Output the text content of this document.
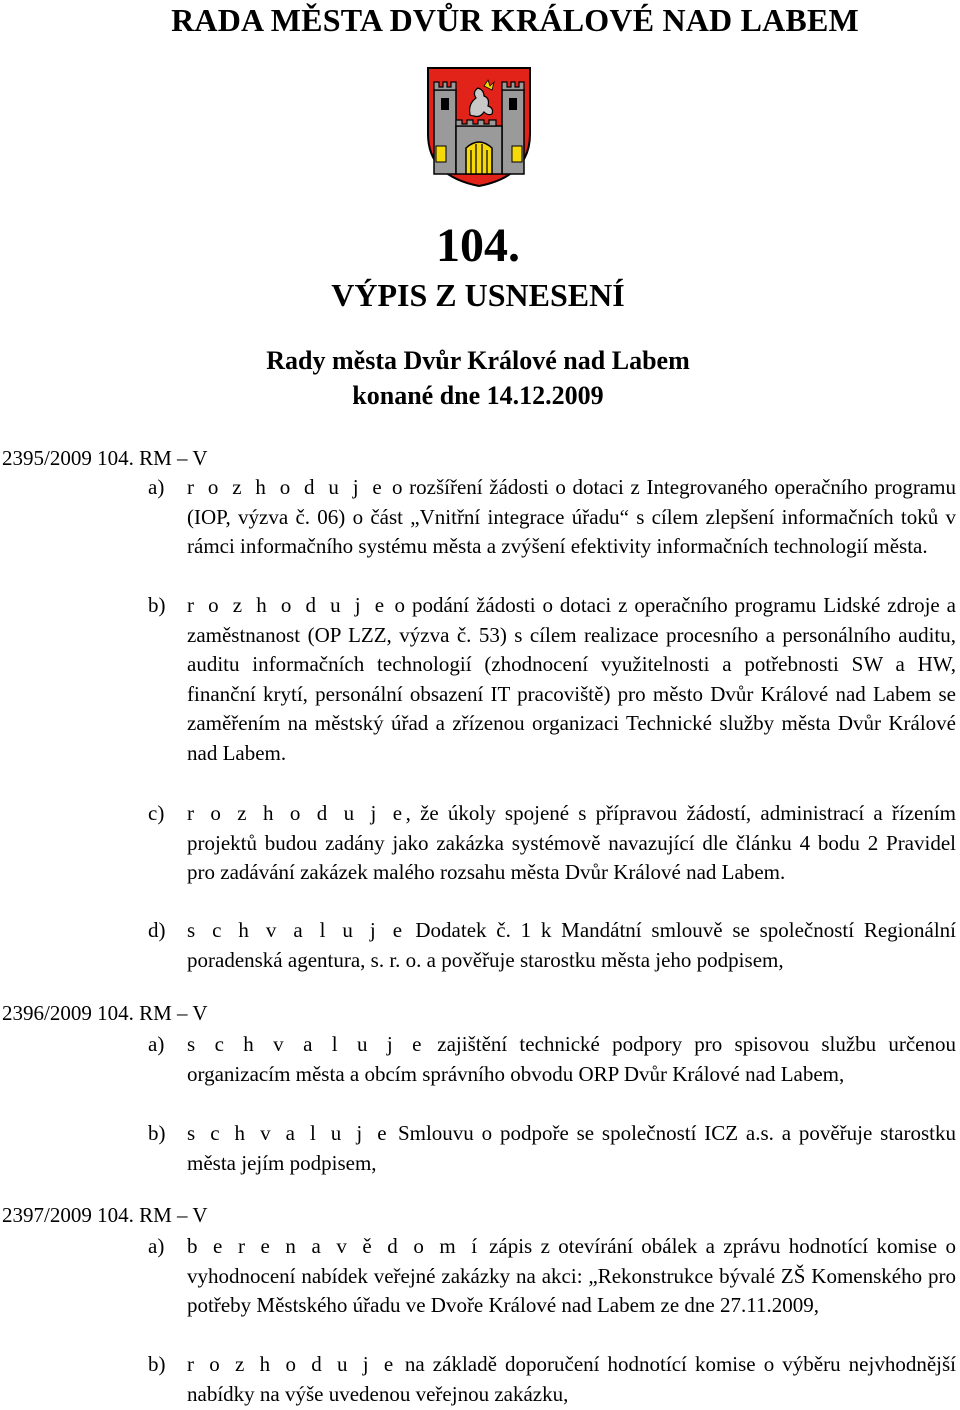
RADA MĚSTA DVŮR KRÁLOVÉ NAD LABEM
104.
VÝPIS Z USNESENÍ
Rady města Dvůr Králové nad Labem
konané dne 14.12.2009
2395/2009 104. RM – V
a) r o z h o d u j e o rozšíření žádosti o dotaci z Integrovaného operačního programu (IOP, výzva č. 06) o část „Vnitřní integrace úřadu“ s cílem zlepšení informačních toků v rámci informačního systému města a zvýšení efektivity informačních technologií města.
b) r o z h o d u j e o podání žádosti o dotaci z operačního programu Lidské zdroje a zaměstnanost (OP LZZ, výzva č. 53) s cílem realizace procesního a personálního auditu, auditu informačních technologií (zhodnocení využitelnosti a potřebnosti SW a HW, finanční krytí, personální obsazení IT pracoviště) pro město Dvůr Králové nad Labem se zaměřením na městský úřad a zřízenou organizaci Technické služby města Dvůr Králové nad Labem.
c) r o z h o d u j e, že úkoly spojené s přípravou žádostí, administrací a řízením projektů budou zadány jako zakázka systémově navazující dle článku 4 bodu 2 Pravidel pro zadávání zakázek malého rozsahu města Dvůr Králové nad Labem.
d) s c h v a l u j e Dodatek č. 1 k Mandátní smlouvě se společností Regionální poradenská agentura, s. r. o. a pověřuje starostku města jeho podpisem,
2396/2009 104. RM – V
a) s c h v a l u j e zajištění technické podpory pro spisovou službu určenou organizacím města a obcím správního obvodu ORP Dvůr Králové nad Labem,
b) s c h v a l u j e Smlouvu o podpoře se společností ICZ a.s. a pověřuje starostku města jejím podpisem,
2397/2009 104. RM – V
a) b e r e n a v ě d o m í zápis z otevírání obálek a zprávu hodnotící komise o vyhodnocení nabídek veřejné zakázky na akci: „Rekonstrukce bývalé ZŠ Komenského pro potřeby Městského úřadu ve Dvoře Králové nad Labem ze dne 27.11.2009,
b) r o z h o d u j e na základě doporučení hodnotící komise o výběru nejvhodnější nabídky na výše uvedenou veřejnou zakázku,
